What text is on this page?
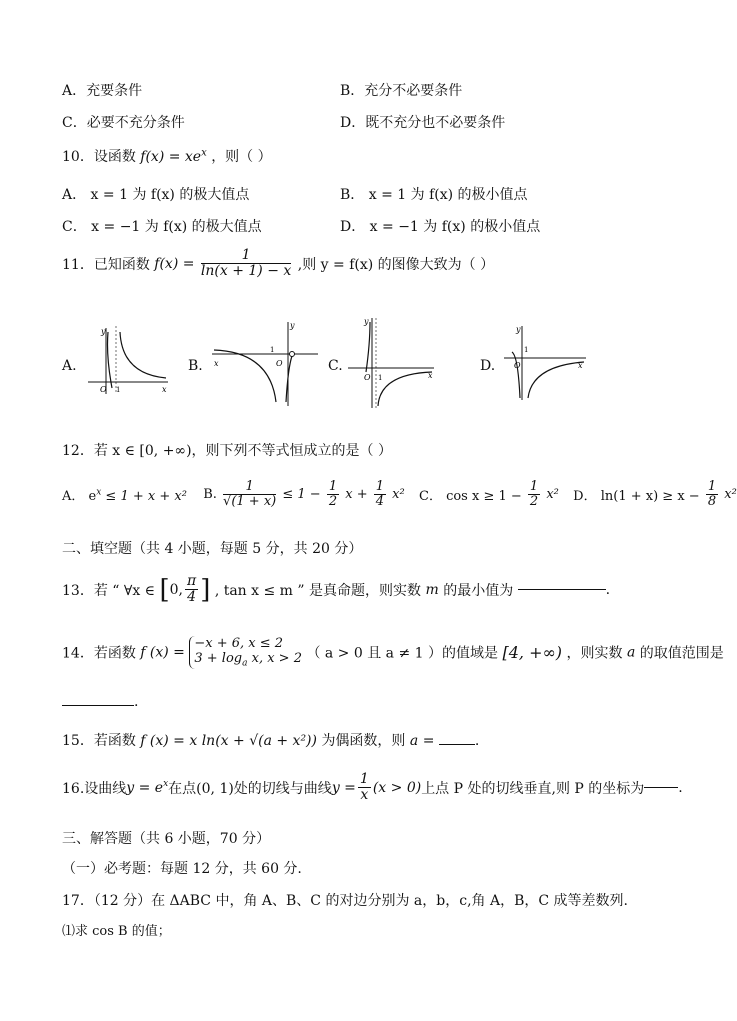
A．充要条件	B．充分不必要条件
C．必要不充分条件	D．既不充分也不必要条件
10．设函数 $f(x) = xe^x$ ，则（ ）
A． x = 1 为 f(x) 的极大值点	B． x = 1 为 f(x) 的极小值点
C． x = −1 为 f(x) 的极大值点	D． x = −1 为 f(x) 的极小值点
11．已知函数 $f(x) = \frac{1}{\ln(x + 1) - x}$ ,则 y = f(x) 的图像大致为（ ）
A.	B.	C.	D.
y
x
O 1
y
x	O
1
y
x
O 1
y
x
O
1
12．若 x ∈ [0, +∞)，则下列不等式恒成立的是（ ）
A． $e^x \le 1 + x + x^2$ B. $\frac{1}{√(1 + x)} \le 1 - \frac{1}{2}$ $x + \frac{1}{4} x^2$ C． $\cos x \ge 1 - \frac{1}{2} x^2$ D． $\ln(1 + x) \ge x - \frac{1}{8} x^2$
二、填空题（共 4 小题，每题 5 分，共 20 分）
13．若 “ ∀x ∈ [0, $\frac{\pi}{4}$ ] , tan x ≤ m ” 是真命题，则实数 m 的最小值为	.
14．若函数 f (x) =
−x + 6, x ≤ 2
$3 + \log_a x$, x > 2 （ a > 0 且 a ≠ 1 ）的值域是 [4, +∞) ，则实数 a 的取值范围是
.
15．若函数 f (x) = x ln(x + √(a + x²)) 为偶函数，则 a =	.
16.设曲线$y = e^x$在点(0, 1)处的切线与曲线$y = \frac{1}{x} (x > 0)$上点 P 处的切线垂直,则 P 的坐标为 .
三、解答题（共 6 小题，70 分）
（一）必考题：每题 12 分，共 60 分.
17．（12 分）在 ΔABC 中，角 A、B、C 的对边分别为 a，b，c,角 A，B，C 成等差数列.
⑴求 cos B 的值；
